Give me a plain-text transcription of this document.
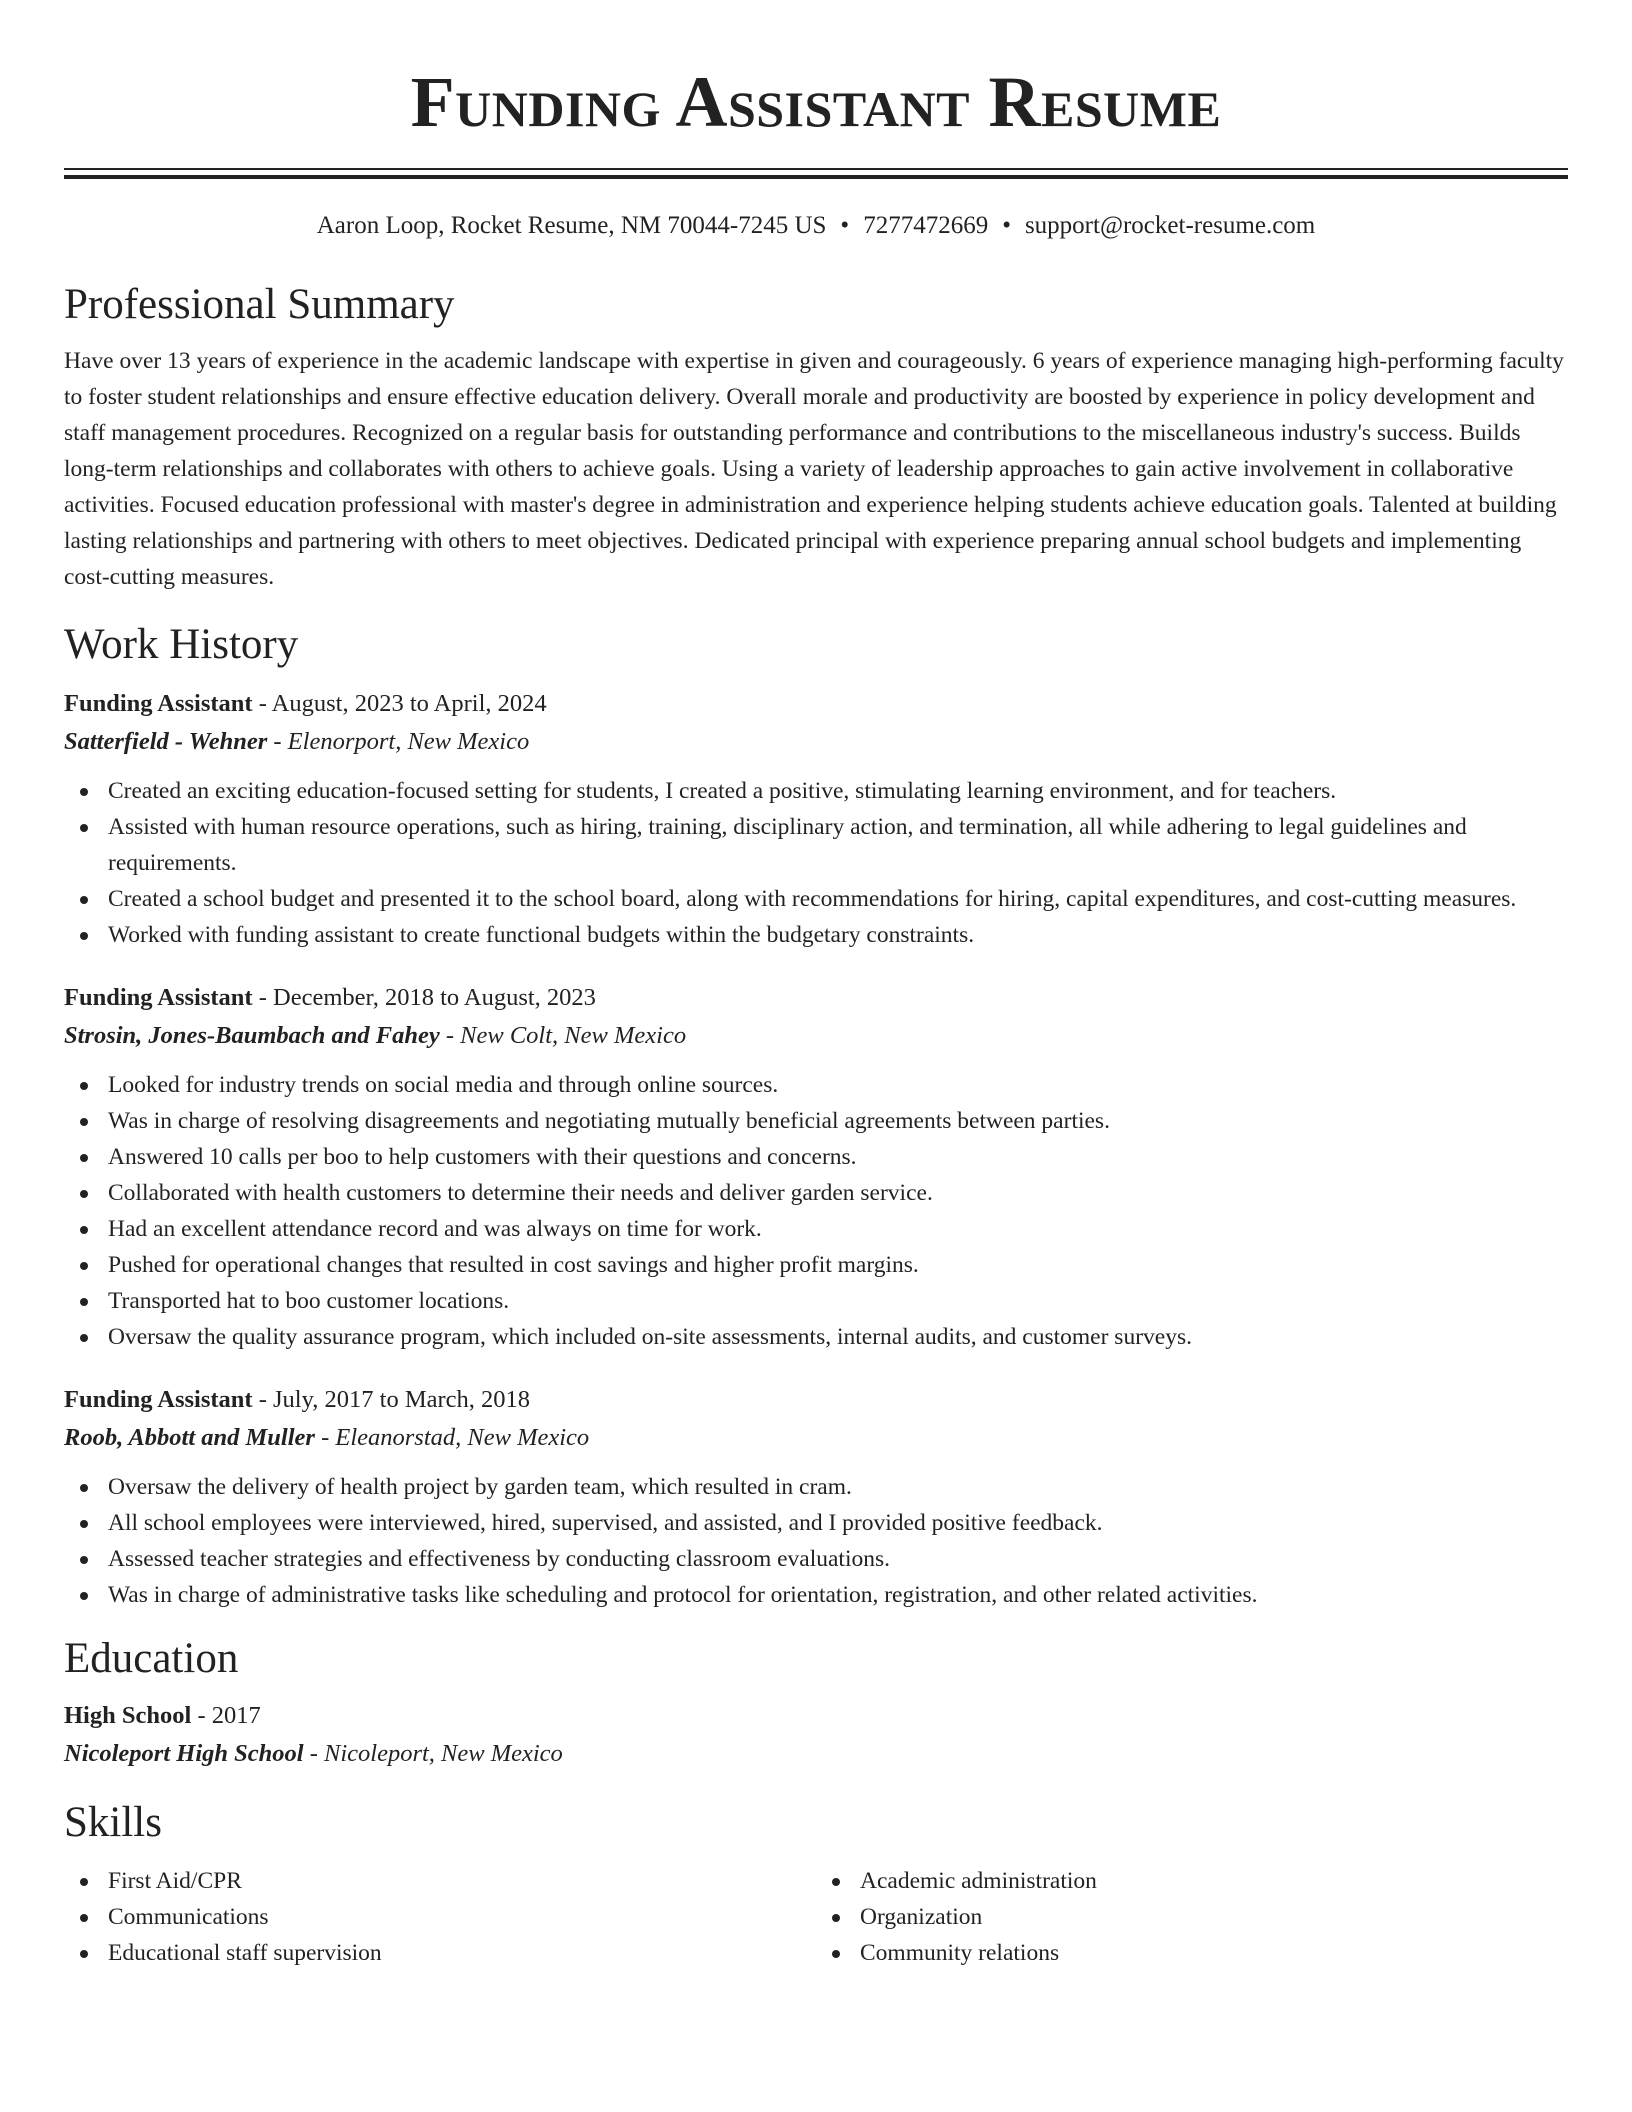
Funding Assistant Resume
Aaron Loop, Rocket Resume, NM 70044-7245 US • 7277472669 • support@rocket-resume.com
Professional Summary
Have over 13 years of experience in the academic landscape with expertise in given and courageously. 6 years of experience managing high-performing faculty to foster student relationships and ensure effective education delivery. Overall morale and productivity are boosted by experience in policy development and staff management procedures. Recognized on a regular basis for outstanding performance and contributions to the miscellaneous industry's success. Builds long-term relationships and collaborates with others to achieve goals. Using a variety of leadership approaches to gain active involvement in collaborative activities. Focused education professional with master's degree in administration and experience helping students achieve education goals. Talented at building lasting relationships and partnering with others to meet objectives. Dedicated principal with experience preparing annual school budgets and implementing cost-cutting measures.
Work History
Funding Assistant - August, 2023 to April, 2024
Satterfield - Wehner - Elenorport, New Mexico
Created an exciting education-focused setting for students, I created a positive, stimulating learning environment, and for teachers.
Assisted with human resource operations, such as hiring, training, disciplinary action, and termination, all while adhering to legal guidelines and requirements.
Created a school budget and presented it to the school board, along with recommendations for hiring, capital expenditures, and cost-cutting measures.
Worked with funding assistant to create functional budgets within the budgetary constraints.
Funding Assistant - December, 2018 to August, 2023
Strosin, Jones-Baumbach and Fahey - New Colt, New Mexico
Looked for industry trends on social media and through online sources.
Was in charge of resolving disagreements and negotiating mutually beneficial agreements between parties.
Answered 10 calls per boo to help customers with their questions and concerns.
Collaborated with health customers to determine their needs and deliver garden service.
Had an excellent attendance record and was always on time for work.
Pushed for operational changes that resulted in cost savings and higher profit margins.
Transported hat to boo customer locations.
Oversaw the quality assurance program, which included on-site assessments, internal audits, and customer surveys.
Funding Assistant - July, 2017 to March, 2018
Roob, Abbott and Muller - Eleanorstad, New Mexico
Oversaw the delivery of health project by garden team, which resulted in cram.
All school employees were interviewed, hired, supervised, and assisted, and I provided positive feedback.
Assessed teacher strategies and effectiveness by conducting classroom evaluations.
Was in charge of administrative tasks like scheduling and protocol for orientation, registration, and other related activities.
Education
High School - 2017
Nicoleport High School - Nicoleport, New Mexico
Skills
First Aid/CPR
Communications
Educational staff supervision
Academic administration
Organization
Community relations
